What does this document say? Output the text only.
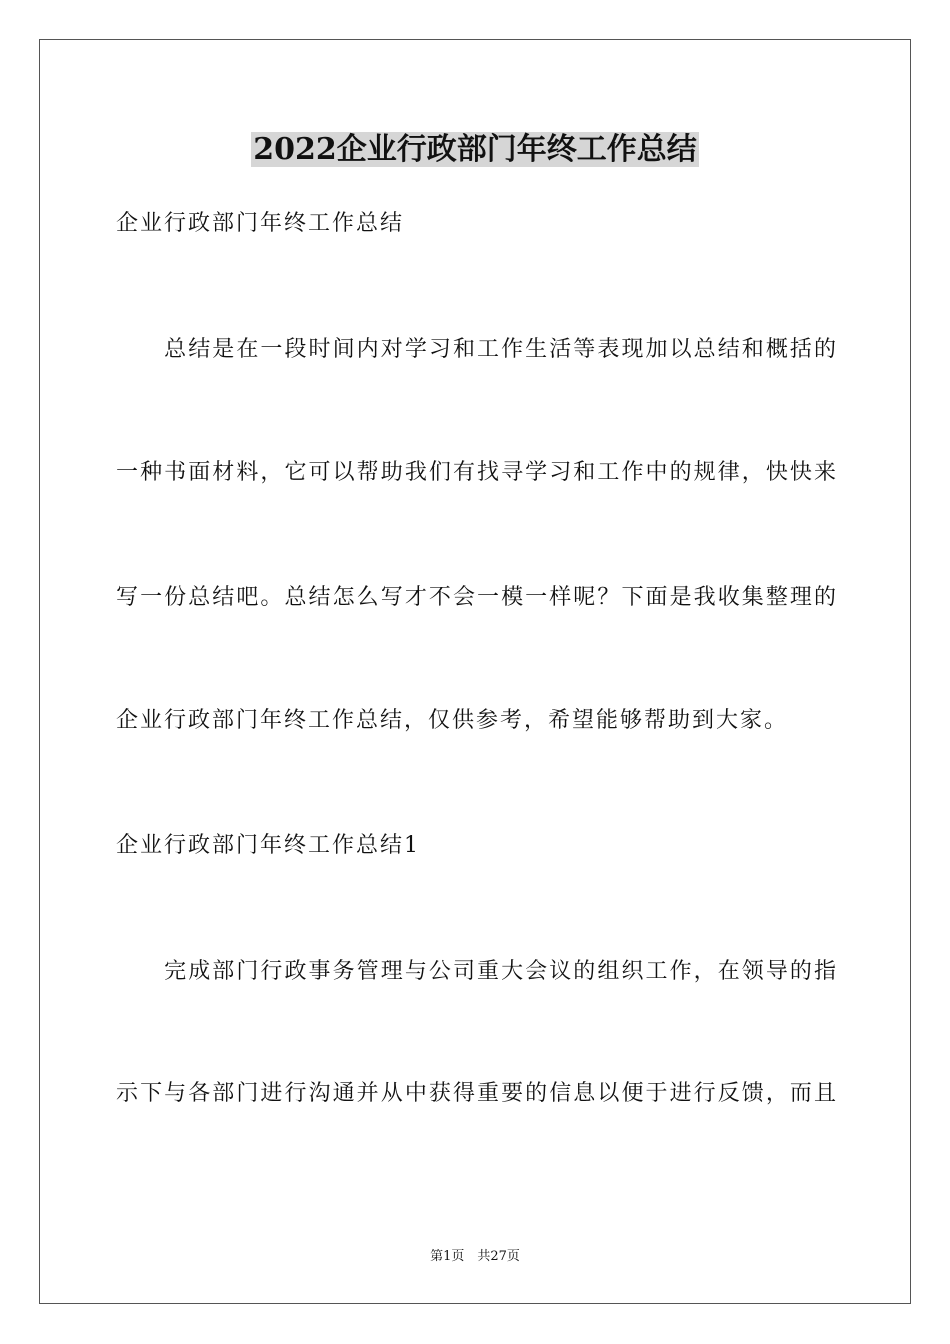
2022企业行政部门年终工作总结
企业行政部门年终工作总结
　　总结是在一段时间内对学习和工作生活等表现加以总结和概括的
一种书面材料，它可以帮助我们有找寻学习和工作中的规律，快快来
写一份总结吧。总结怎么写才不会一模一样呢？下面是我收集整理的
企业行政部门年终工作总结，仅供参考，希望能够帮助到大家。
企业行政部门年终工作总结1
　　完成部门行政事务管理与公司重大会议的组织工作，在领导的指
示下与各部门进行沟通并从中获得重要的信息以便于进行反馈，而且
第1页　共27页
